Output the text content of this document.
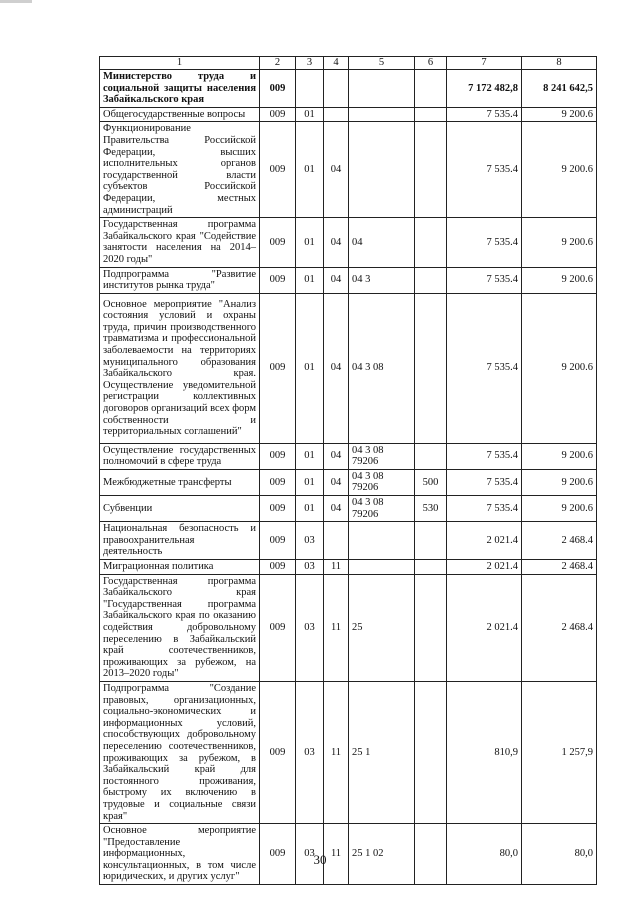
1	2	3	4	5	6	7	8
Министерство труда и социальной защиты населения Забайкальского края	009					7 172 482,8	8 241 642,5
Общегосударственные вопросы	009	01				7 535.4	9 200.6
Функционирование Правительства Российской Федерации, высших исполнительных органов государственной власти субъектов Российской Федерации, местных администраций	009	01	04			7 535.4	9 200.6
Государственная программа Забайкальского края "Содействие занятости населения на 2014–2020 годы"	009	01	04	04		7 535.4	9 200.6
Подпрограмма "Развитие институтов рынка труда"	009	01	04	04 3		7 535.4	9 200.6
Основное мероприятие "Анализ состояния условий и охраны труда, причин производственного травматизма и профессиональной заболеваемости на территориях муниципального образования Забайкальского края. Осуществление уведомительной регистрации коллективных договоров организаций всех форм собственности и территориальных соглашений"	009	01	04	04 3 08		7 535.4	9 200.6
Осуществление государственных полномочий в сфере труда	009	01	04	04 3 08 79206		7 535.4	9 200.6
Межбюджетные трансферты	009	01	04	04 3 08 79206	500	7 535.4	9 200.6
Субвенции	009	01	04	04 3 08 79206	530	7 535.4	9 200.6
Национальная безопасность и правоохранительная деятельность	009	03				2 021.4	2 468.4
Миграционная политика	009	03	11			2 021.4	2 468.4
Государственная программа Забайкальского края "Государственная программа Забайкальского края по оказанию содействия добровольному переселению в Забайкальский край соотечественников, проживающих за рубежом, на 2013–2020 годы"	009	03	11	25		2 021.4	2 468.4
Подпрограмма "Создание правовых, организационных, социально-экономических и информационных условий, способствующих добровольному переселению соотечественников, проживающих за рубежом, в Забайкальский край для постоянного проживания, быстрому их включению в трудовые и социальные связи края"	009	03	11	25 1		810,9	1 257,9
Основное мероприятие "Предоставление информационных, консультационных, в том числе юридических, и других услуг"	009	03	11	25 1 02		80,0	80,0
30
